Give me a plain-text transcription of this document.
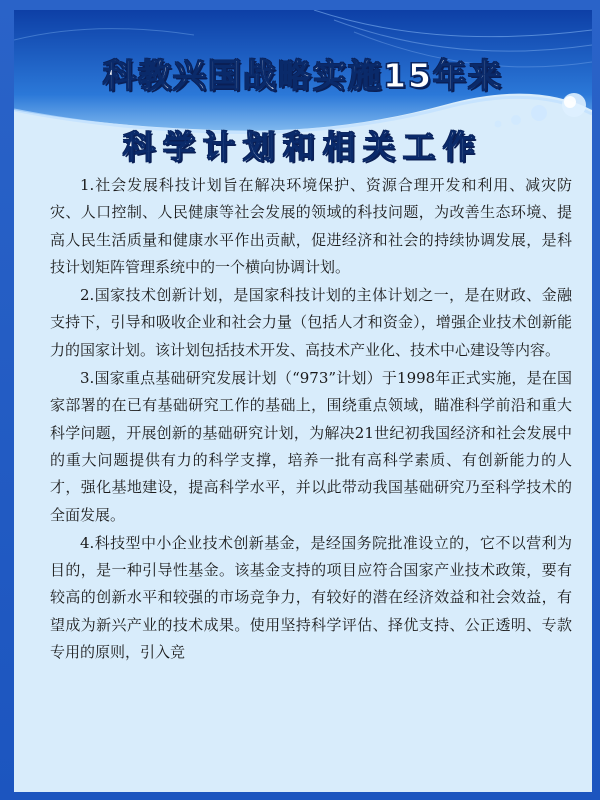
科教兴国战略实施15年来
科学计划和相关工作

1.社会发展科技计划旨在解决环境保护、资源合理开发和利用、减灾防灾、人口控制、人民健康等社会发展的领域的科技问题，为改善生态环境、提高人民生活质量和健康水平作出贡献，促进经济和社会的持续协调发展，是科技计划矩阵管理系统中的一个横向协调计划。

2.国家技术创新计划，是国家科技计划的主体计划之一，是在财政、金融支持下，引导和吸收企业和社会力量（包括人才和资金），增强企业技术创新能力的国家计划。该计划包括技术开发、高技术产业化、技术中心建设等内容。

3.国家重点基础研究发展计划（“973”计划）于1998年正式实施，是在国家部署的在已有基础研究工作的基础上，围绕重点领域，瞄准科学前沿和重大科学问题，开展创新的基础研究计划，为解决21世纪初我国经济和社会发展中的重大问题提供有力的科学支撑，培养一批有高科学素质、有创新能力的人才，强化基地建设，提高科学水平，并以此带动我国基础研究乃至科学技术的全面发展。

4.科技型中小企业技术创新基金，是经国务院批准设立的，它不以营利为目的，是一种引导性基金。该基金支持的项目应符合国家产业技术政策，要有较高的创新水平和较强的市场竞争力，有较好的潜在经济效益和社会效益，有望成为新兴产业的技术成果。使用坚持科学评估、择优支持、公正透明、专款专用的原则，引入竞
